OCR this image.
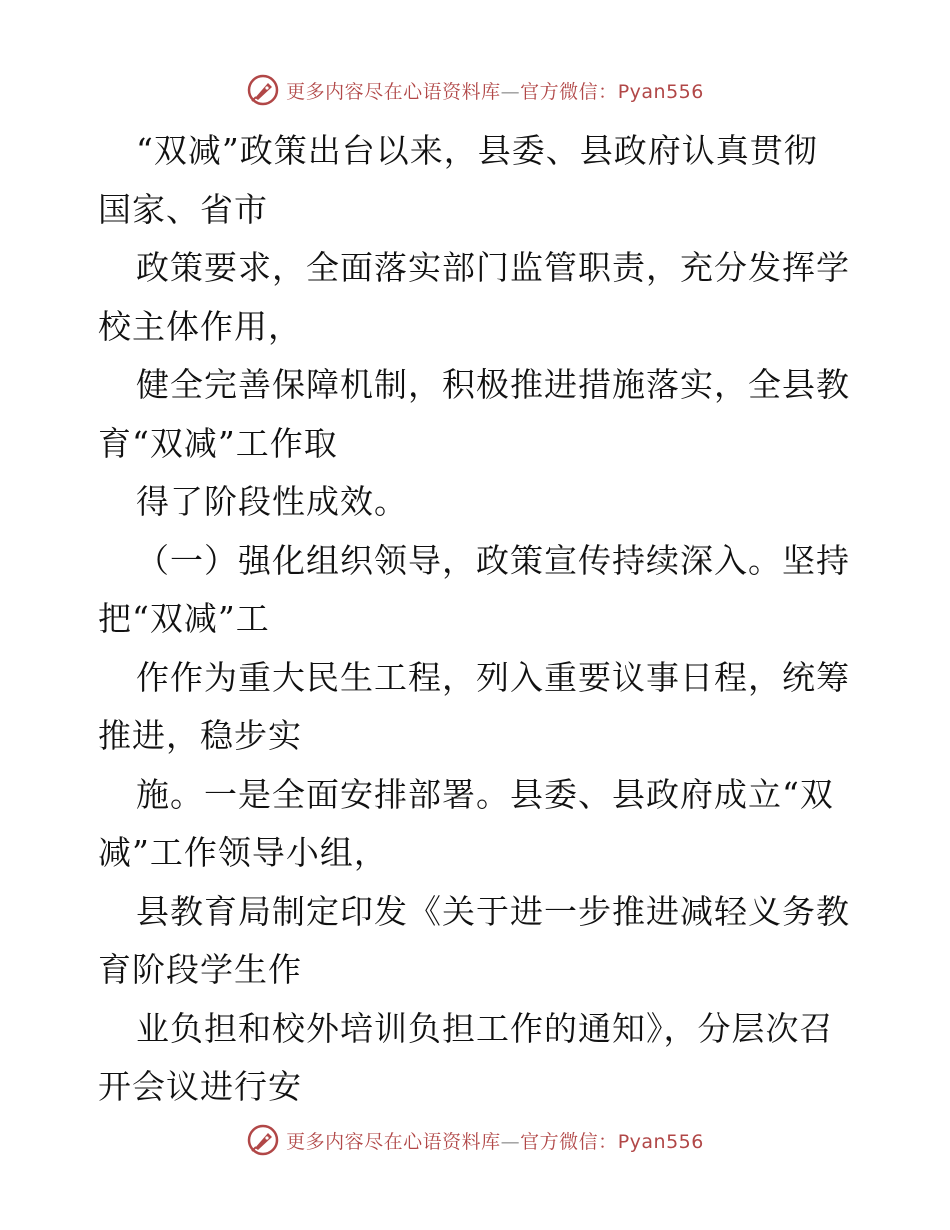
更多内容尽在心语资料库—官方微信：Pyan556

“双减”政策出台以来，县委、县政府认真贯彻
国家、省市

政策要求，全面落实部门监管职责，充分发挥学
校主体作用，

健全完善保障机制，积极推进措施落实，全县教
育“双减”工作取

得了阶段性成效。

（一）强化组织领导，政策宣传持续深入。坚持
把“双减”工

作作为重大民生工程，列入重要议事日程，统筹
推进，稳步实

施。一是全面安排部署。县委、县政府成立“双
减”工作领导小组，

县教育局制定印发《关于进一步推进减轻义务教
育阶段学生作

业负担和校外培训负担工作的通知》，分层次召
开会议进行安

更多内容尽在心语资料库—官方微信：Pyan556
